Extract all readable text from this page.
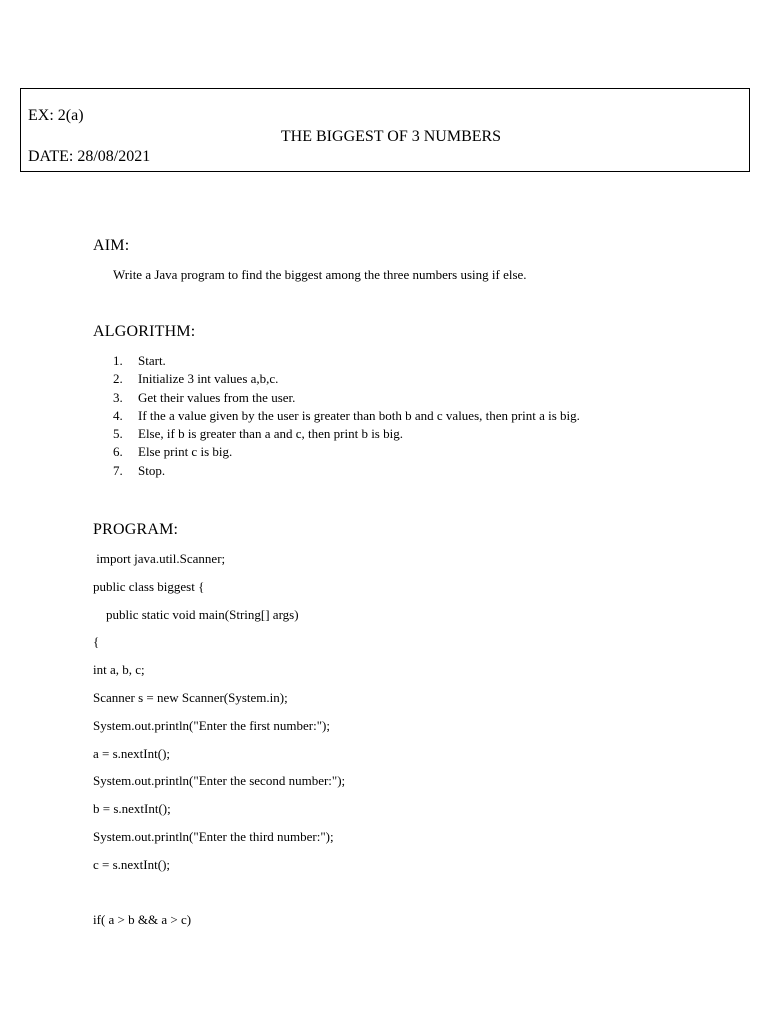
EX: 2(a)
THE BIGGEST OF 3 NUMBERS
DATE: 28/08/2021
AIM:
Write a Java program to find the biggest among the three numbers using if else.
ALGORITHM:
1. Start.
2. Initialize 3 int values a,b,c.
3. Get their values from the user.
4. If the a value given by the user is greater than both b and c values, then print a is big.
5. Else, if b is greater than a and c, then print b is big.
6. Else print c is big.
7. Stop.
PROGRAM:
import java.util.Scanner;
public class biggest {
public static void main(String[] args)
{
int a, b, c;
Scanner s = new Scanner(System.in);
System.out.println("Enter the first number:");
a = s.nextInt();
System.out.println("Enter the second number:");
b = s.nextInt();
System.out.println("Enter the third number:");
c = s.nextInt();
if( a > b && a > c)
